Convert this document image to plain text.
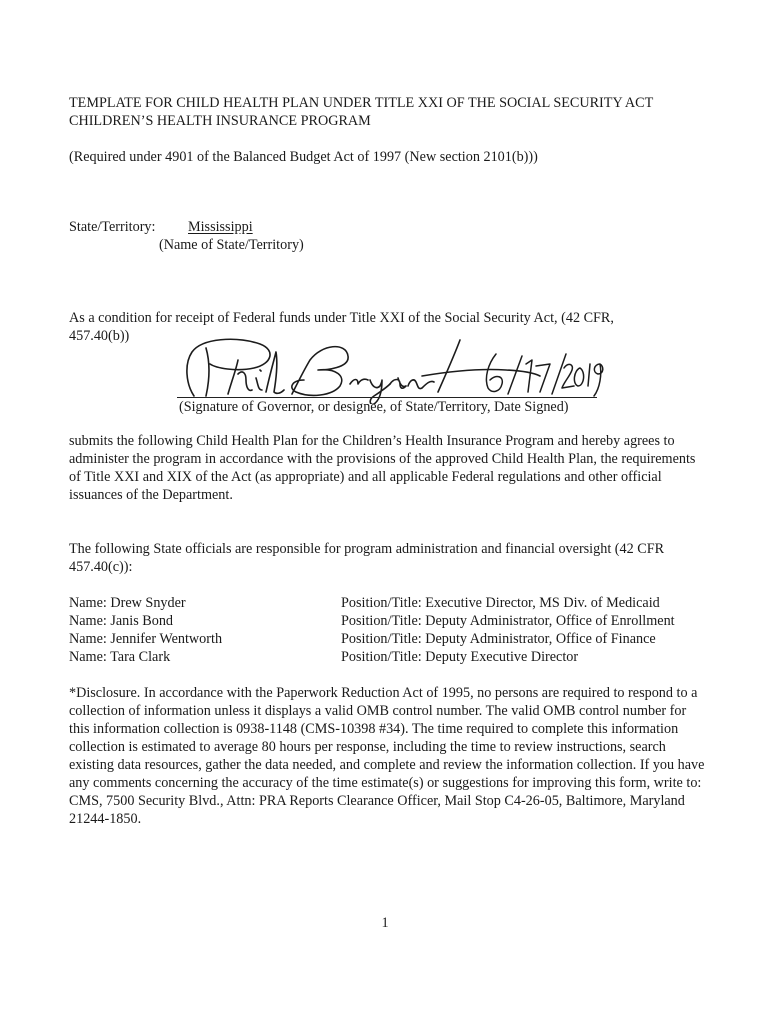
TEMPLATE FOR CHILD HEALTH PLAN UNDER TITLE XXI OF THE SOCIAL SECURITY ACT
CHILDREN’S HEALTH INSURANCE PROGRAM

(Required under 4901 of the Balanced Budget Act of 1997 (New section 2101(b)))

State/Territory: Mississippi
(Name of State/Territory)

As a condition for receipt of Federal funds under Title XXI of the Social Security Act, (42 CFR, 457.40(b))

(Signature of Governor, or designee, of State/Territory, Date Signed)

submits the following Child Health Plan for the Children’s Health Insurance Program and hereby agrees to administer the program in accordance with the provisions of the approved Child Health Plan, the requirements of Title XXI and XIX of the Act (as appropriate) and all applicable Federal regulations and other official issuances of the Department.

The following State officials are responsible for program administration and financial oversight (42 CFR 457.40(c)):

Name: Drew Snyder	Position/Title: Executive Director, MS Div. of Medicaid
Name: Janis Bond	Position/Title: Deputy Administrator, Office of Enrollment
Name: Jennifer Wentworth	Position/Title: Deputy Administrator, Office of Finance
Name: Tara Clark	Position/Title: Deputy Executive Director

*Disclosure. In accordance with the Paperwork Reduction Act of 1995, no persons are required to respond to a collection of information unless it displays a valid OMB control number. The valid OMB control number for this information collection is 0938-1148 (CMS-10398 #34). The time required to complete this information collection is estimated to average 80 hours per response, including the time to review instructions, search existing data resources, gather the data needed, and complete and review the information collection. If you have any comments concerning the accuracy of the time estimate(s) or suggestions for improving this form, write to: CMS, 7500 Security Blvd., Attn: PRA Reports Clearance Officer, Mail Stop C4-26-05, Baltimore, Maryland 21244-1850.

1
